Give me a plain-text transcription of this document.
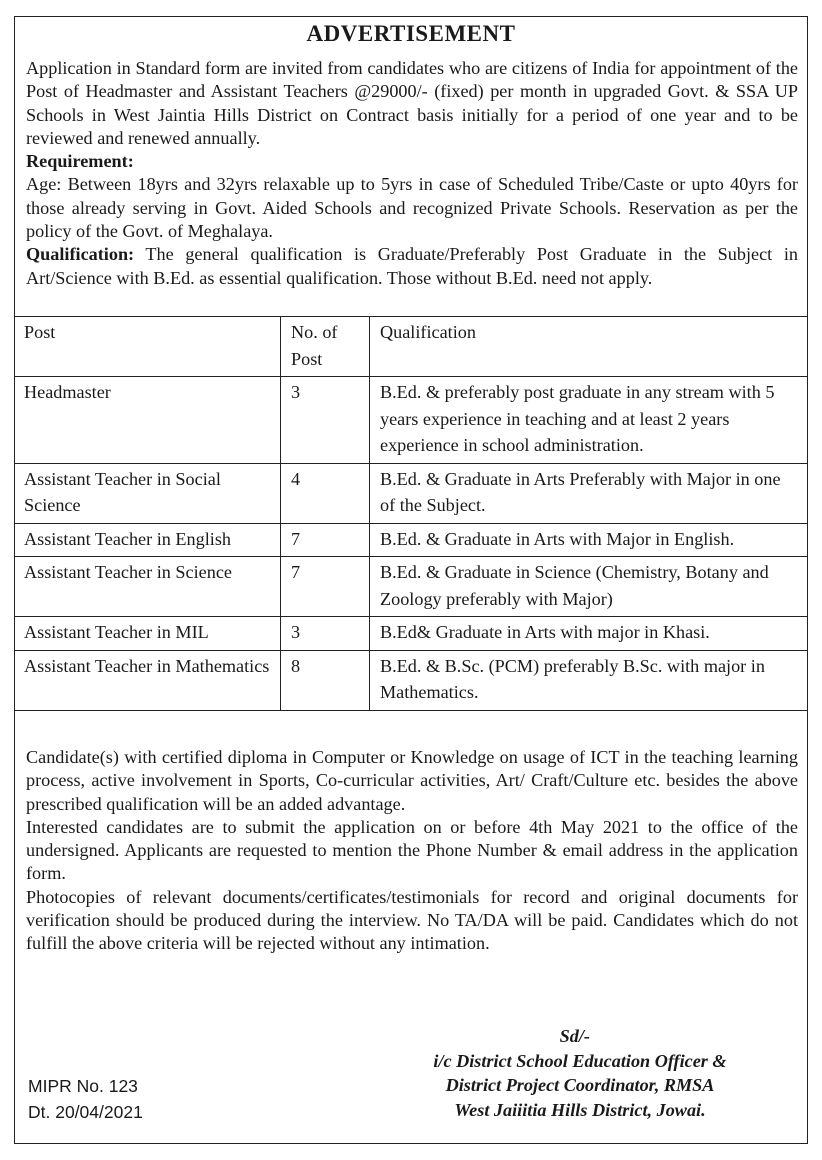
ADVERTISEMENT

Application in Standard form are invited from candidates who are citizens of India for appointment of the Post of Headmaster and Assistant Teachers @29000/- (fixed) per month in upgraded Govt. & SSA UP Schools in West Jaintia Hills District on Contract basis initially for a period of one year and to be reviewed and renewed annually.

Requirement:

Age: Between 18yrs and 32yrs relaxable up to 5yrs in case of Scheduled Tribe/Caste or upto 40yrs for those already serving in Govt. Aided Schools and recognized Private Schools. Reservation as per the policy of the Govt. of Meghalaya.

Qualification: The general qualification is Graduate/Preferably Post Graduate in the Subject in Art/Science with B.Ed. as essential qualification. Those without B.Ed. need not apply.

Post	No. of Post	Qualification
Headmaster	3	B.Ed. & preferably post graduate in any stream with 5 years experience in teaching and at least 2 years experience in school administration.
Assistant Teacher in Social Science	4	B.Ed. & Graduate in Arts Preferably with Major in one of the Subject.
Assistant Teacher in English	7	B.Ed. & Graduate in Arts with Major in English.
Assistant Teacher in Science	7	B.Ed. & Graduate in Science (Chemistry, Botany and Zoology preferably with Major)
Assistant Teacher in MIL	3	B.Ed& Graduate in Arts with major in Khasi.
Assistant Teacher in Mathematics	8	B.Ed. & B.Sc. (PCM) preferably B.Sc. with major in Mathematics.

Candidate(s) with certified diploma in Computer or Knowledge on usage of ICT in the teaching learning process, active involvement in Sports, Co-curricular activities, Art/ Craft/Culture etc. besides the above prescribed qualification will be an added advantage.

Interested candidates are to submit the application on or before 4th May 2021 to the office of the undersigned. Applicants are requested to mention the Phone Number & email address in the application form.

Photocopies of relevant documents/certificates/testimonials for record and original documents for verification should be produced during the interview. No TA/DA will be paid. Candidates which do not fulfill the above criteria will be rejected without any intimation.

MIPR No. 123
Dt. 20/04/2021
Sd/-
i/c District School Education Officer &
District Project Coordinator, RMSA
West Jaiiitia Hills District, Jowai.
